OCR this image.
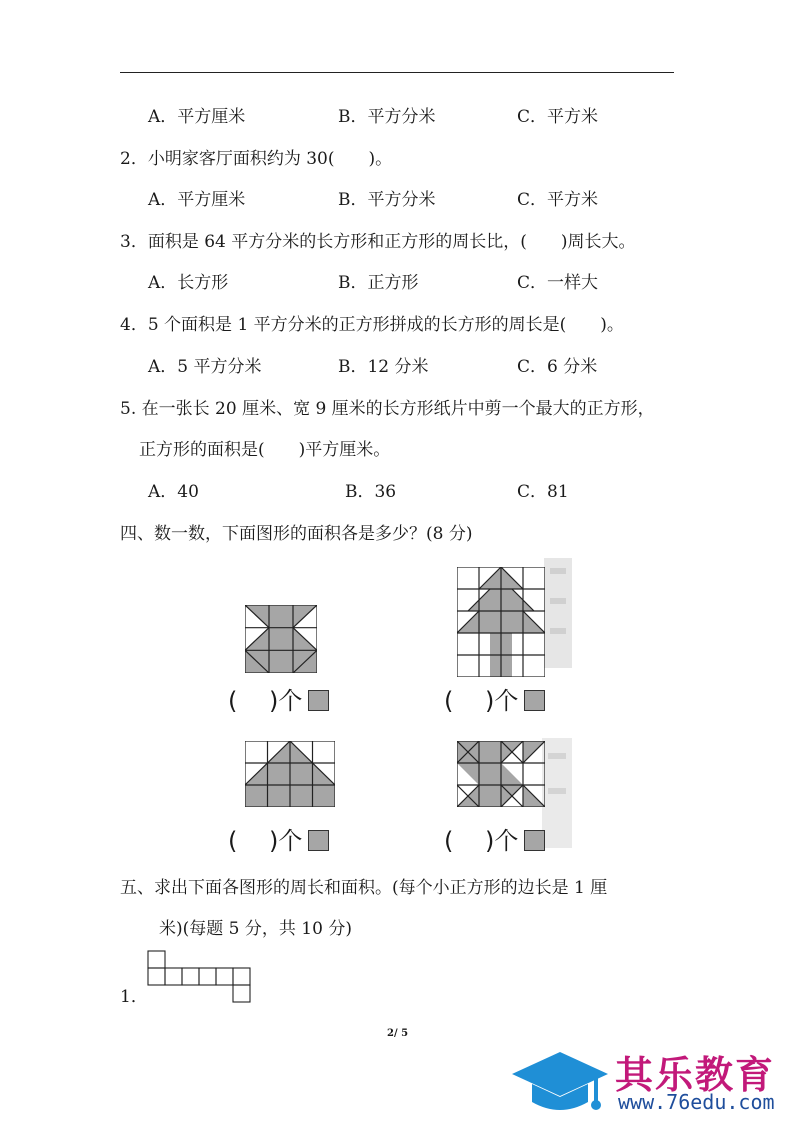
A．平方厘米	B．平方分米	C．平方米
2．小明家客厅面积约为 30(　　)。
A．平方厘米	B．平方分米	C．平方米
3．面积是 64 平方分米的长方形和正方形的周长比，(　　)周长大。
A．长方形	B．正方形	C．一样大
4．5 个面积是 1 平方分米的正方形拼成的长方形的周长是(　　)。
A．5 平方分米	B．12 分米	C．6 分米
5. 在一张长 20 厘米、宽 9 厘米的长方形纸片中剪一个最大的正方形，
正方形的面积是(　　)平方厘米。
A．40	B．36	C．81
四、数一数，下面图形的面积各是多少？(8 分)
(　 )个	(　 )个
(　 )个	(　 )个
五、求出下面各图形的周长和面积。(每个小正方形的边长是 1 厘
米)(每题 5 分，共 10 分)
1．
2/ 5
其乐教育
www.76edu.com
